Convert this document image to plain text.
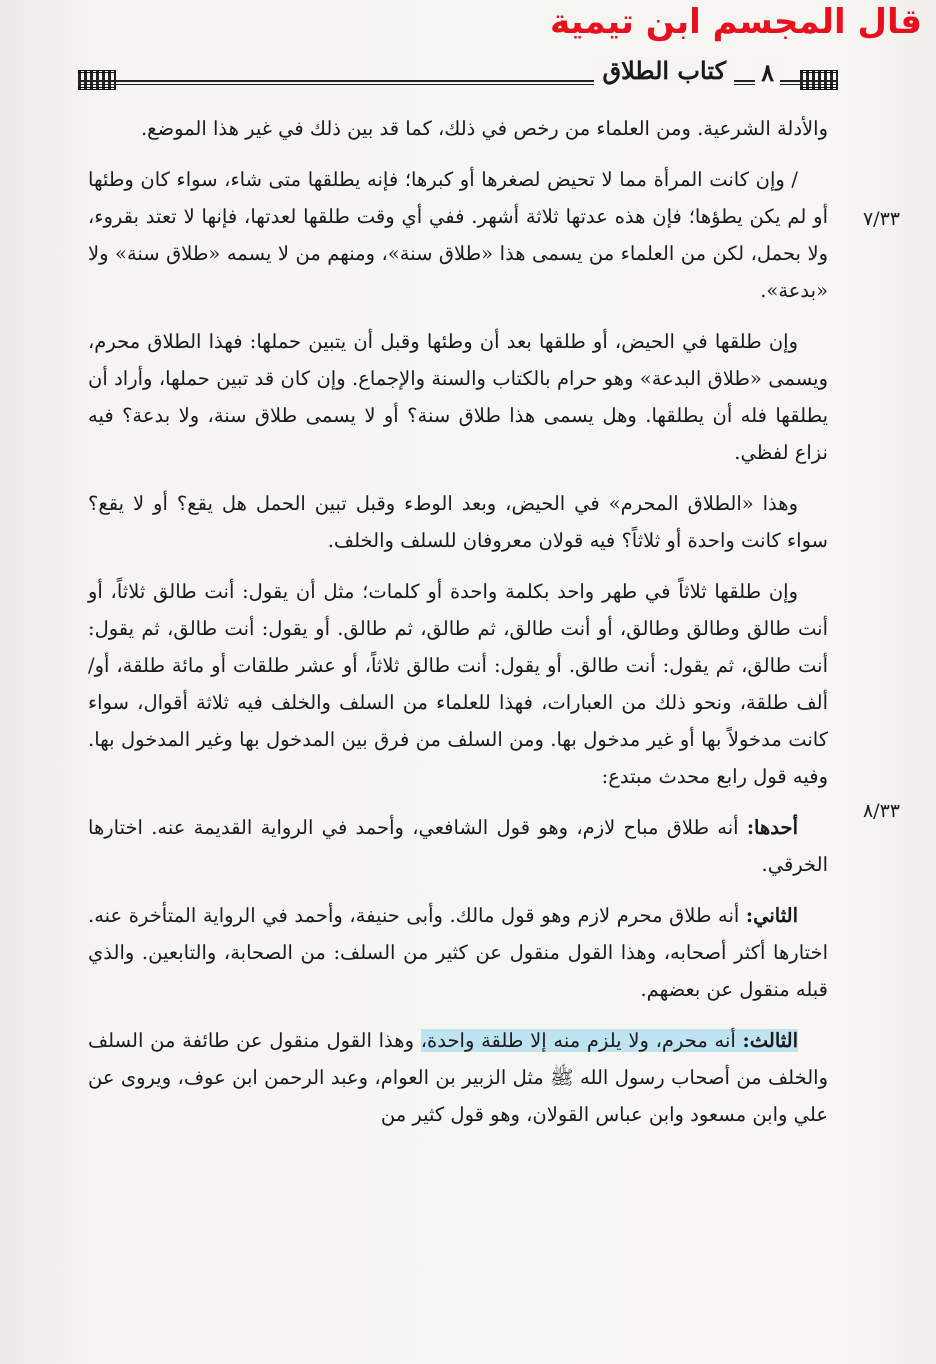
قال المجسم ابن تيمية
٨
كتاب الطلاق
٧/٣٣
٨/٣٣

والأدلة الشرعية. ومن العلماء من رخص في ذلك، كما قد بين ذلك في غير هذا الموضع.

/ وإن كانت المرأة مما لا تحيض لصغرها أو كبرها؛ فإنه يطلقها متى شاء، سواء كان وطئها أو لم يكن يطؤها؛ فإن هذه عدتها ثلاثة أشهر. ففي أي وقت طلقها لعدتها، فإنها لا تعتد بقروء، ولا بحمل، لكن من العلماء من يسمى هذا «طلاق سنة»، ومنهم من لا يسمه «طلاق سنة» ولا «بدعة».

وإن طلقها في الحيض، أو طلقها بعد أن وطئها وقبل أن يتبين حملها: فهذا الطلاق محرم، ويسمى «طلاق البدعة» وهو حرام بالكتاب والسنة والإجماع. وإن كان قد تبين حملها، وأراد أن يطلقها فله أن يطلقها. وهل يسمى هذا طلاق سنة؟ أو لا يسمى طلاق سنة، ولا بدعة؟ فيه نزاع لفظي.

وهذا «الطلاق المحرم» في الحيض، وبعد الوطء وقبل تبين الحمل هل يقع؟ أو لا يقع؟ سواء كانت واحدة أو ثلاثاً؟ فيه قولان معروفان للسلف والخلف.

وإن طلقها ثلاثاً في طهر واحد بكلمة واحدة أو كلمات؛ مثل أن يقول: أنت طالق ثلاثاً، أو أنت طالق وطالق وطالق، أو أنت طالق، ثم طالق، ثم طالق. أو يقول: أنت طالق، ثم يقول: أنت طالق، ثم يقول: أنت طالق. أو يقول: أنت طالق ثلاثاً، أو عشر طلقات أو مائة طلقة، أو/ ألف طلقة، ونحو ذلك من العبارات، فهذا للعلماء من السلف والخلف فيه ثلاثة أقوال، سواء كانت مدخولاً بها أو غير مدخول بها. ومن السلف من فرق بين المدخول بها وغير المدخول بها. وفيه قول رابع محدث مبتدع:

أحدها: أنه طلاق مباح لازم، وهو قول الشافعي، وأحمد في الرواية القديمة عنه. اختارها الخرقي.

الثاني: أنه طلاق محرم لازم وهو قول مالك. وأبى حنيفة، وأحمد في الرواية المتأخرة عنه. اختارها أكثر أصحابه، وهذا القول منقول عن كثير من السلف: من الصحابة، والتابعين. والذي قبله منقول عن بعضهم.

الثالث: أنه محرم، ولا يلزم منه إلا طلقة واحدة، وهذا القول منقول عن طائفة من السلف والخلف من أصحاب رسول الله ﷺ مثل الزبير بن العوام، وعبد الرحمن ابن عوف، ويروى عن علي وابن مسعود وابن عباس القولان، وهو قول كثير من
